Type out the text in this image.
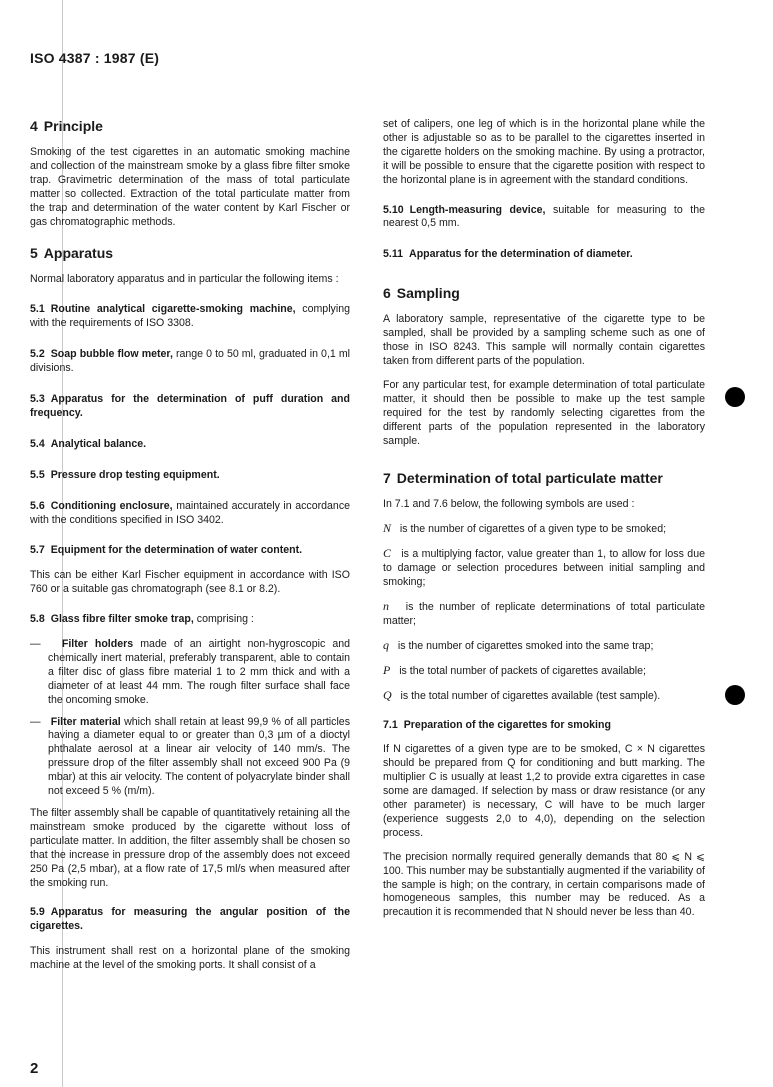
ISO 4387 : 1987 (E)
4 Principle

Smoking of the test cigarettes in an automatic smoking machine and collection of the mainstream smoke by a glass fibre filter smoke trap. Gravimetric determination of the mass of total particulate matter so collected. Extraction of the total particulate matter from the trap and determination of the water content by Karl Fischer or gas chromatographic methods.

5 Apparatus

Normal laboratory apparatus and in particular the following items :

5.1 Routine analytical cigarette-smoking machine, complying with the requirements of ISO 3308.

5.2 Soap bubble flow meter, range 0 to 50 ml, graduated in 0,1 ml divisions.

5.3 Apparatus for the determination of puff duration and frequency.

5.4 Analytical balance.

5.5 Pressure drop testing equipment.

5.6 Conditioning enclosure, maintained accurately in accordance with the conditions specified in ISO 3402.

5.7 Equipment for the determination of water content.

This can be either Karl Fischer equipment in accordance with ISO 760 or a suitable gas chromatograph (see 8.1 or 8.2).

5.8 Glass fibre filter smoke trap, comprising :

—   Filter holders made of an airtight non-hygroscopic and chemically inert material, preferably transparent, able to contain a filter disc of glass fibre material 1 to 2 mm thick and with a diameter of at least 44 mm. The rough filter surface shall face the oncoming smoke.

—   Filter material which shall retain at least 99,9 % of all particles having a diameter equal to or greater than 0,3 µm of a dioctyl phthalate aerosol at a linear air velocity of 140 mm/s. The pressure drop of the filter assembly shall not exceed 900 Pa (9 mbar) at this air velocity. The content of polyacrylate binder shall not exceed 5 % (m/m).

The filter assembly shall be capable of quantitatively retaining all the mainstream smoke produced by the cigarette without loss of particulate matter. In addition, the filter assembly shall be chosen so that the increase in pressure drop of the assembly does not exceed 250 Pa (2,5 mbar), at a flow rate of 17,5 ml/s when measured after the smoking run.

5.9 Apparatus for measuring the angular position of the cigarettes.

This instrument shall rest on a horizontal plane of the smoking machine at the level of the smoking ports. It shall consist of a

set of calipers, one leg of which is in the horizontal plane while the other is adjustable so as to be parallel to the cigarettes inserted in the cigarette holders on the smoking machine. By using a protractor, it will be possible to ensure that the cigarette position with respect to the horizontal plane is in agreement with the standard conditions.

5.10 Length-measuring device, suitable for measuring to the nearest 0,5 mm.

5.11 Apparatus for the determination of diameter.

6 Sampling

A laboratory sample, representative of the cigarette type to be sampled, shall be provided by a sampling scheme such as one of those in ISO 8243. This sample will normally contain cigarettes taken from different parts of the population.

For any particular test, for example determination of total particulate matter, it should then be possible to make up the test sample required for the test by randomly selecting cigarettes from the different parts of the population represented in the laboratory sample.

7 Determination of total particulate matter

In 7.1 and 7.6 below, the following symbols are used :

N is the number of cigarettes of a given type to be smoked;

C is a multiplying factor, value greater than 1, to allow for loss due to damage or selection procedures between initial sampling and smoking;

n is the number of replicate determinations of total particulate matter;

q is the number of cigarettes smoked into the same trap;

P is the total number of packets of cigarettes available;

Q is the total number of cigarettes available (test sample).

7.1 Preparation of the cigarettes for smoking

If N cigarettes of a given type are to be smoked, C × N cigarettes should be prepared from Q for conditioning and butt marking. The multiplier C is usually at least 1,2 to provide extra cigarettes in case some are damaged. If selection by mass or draw resistance (or any other parameter) is necessary, C will have to be much larger (experience suggests 2,0 to 4,0), depending on the selection process.

The precision normally required generally demands that 80 ⩽ N ⩽ 100. This number may be substantially augmented if the variability of the sample is high; on the contrary, in certain comparisons made of homogeneous samples, this number may be reduced. As a precaution it is recommended that N should never be less than 40.

2
